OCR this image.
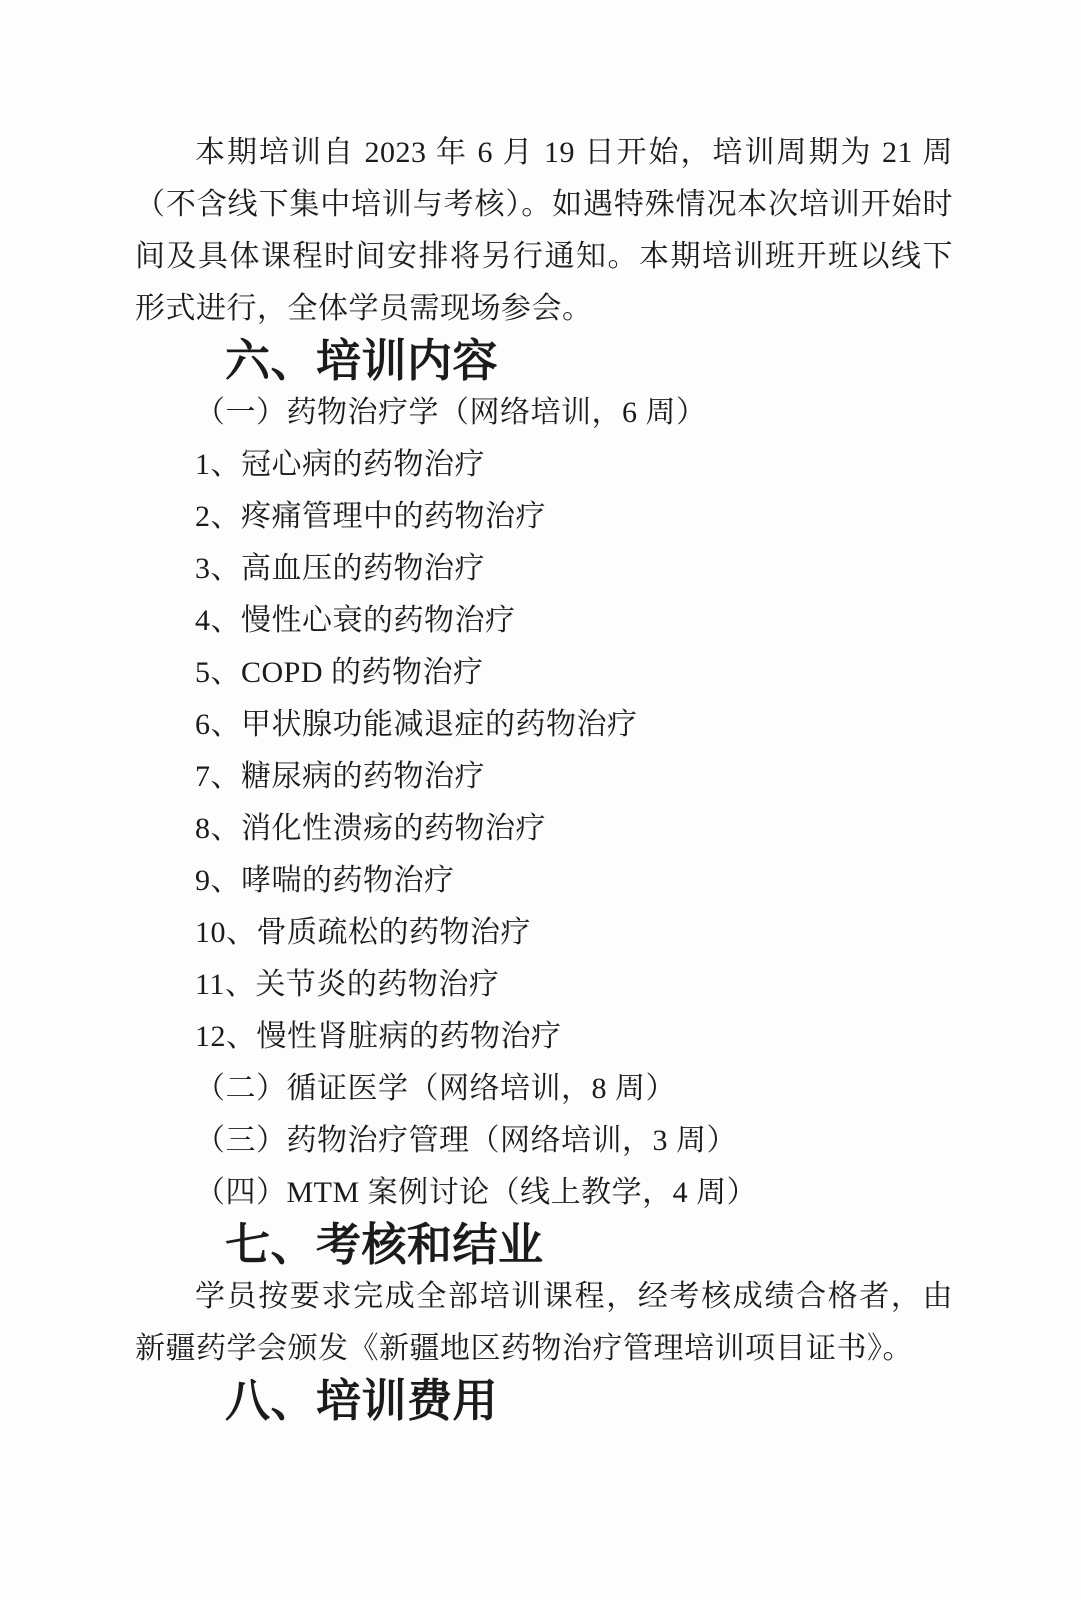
本期培训自 2023 年 6 月 19 日开始，培训周期为 21 周（不含线下集中培训与考核）。如遇特殊情况本次培训开始时间及具体课程时间安排将另行通知。本期培训班开班以线下形式进行，全体学员需现场参会。

六、培训内容

（一）药物治疗学（网络培训，6 周）

1、冠心病的药物治疗

2、疼痛管理中的药物治疗

3、高血压的药物治疗

4、慢性心衰的药物治疗

5、COPD 的药物治疗

6、甲状腺功能减退症的药物治疗

7、糖尿病的药物治疗

8、消化性溃疡的药物治疗

9、哮喘的药物治疗

10、骨质疏松的药物治疗

11、关节炎的药物治疗

12、慢性肾脏病的药物治疗

（二）循证医学（网络培训，8 周）

（三）药物治疗管理（网络培训，3 周）

（四）MTM 案例讨论（线上教学，4 周）

七、考核和结业

学员按要求完成全部培训课程，经考核成绩合格者，由新疆药学会颁发《新疆地区药物治疗管理培训项目证书》。

八、培训费用
